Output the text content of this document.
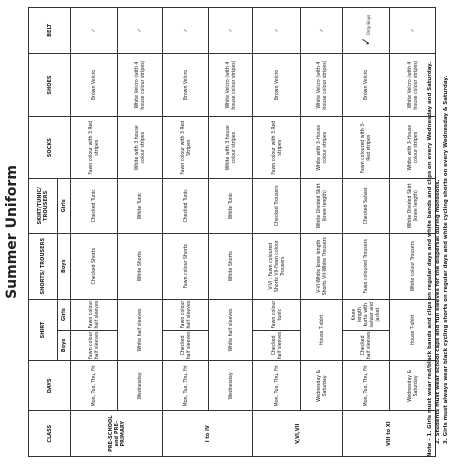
Summer Uniform
CLASS	DAYS	SHIRT		SHORTS/ TROUSERS	SKIRT/TUNIC/ TROUSERS	SOCKS	SHOES	BELT
		Boys	Girls	Boys	Girls			
PRE-SCHOOL and PRE-PRIMARY	Mon, Tue, Thu, Fri	Fawn colour half sleeves	Fawn colour half sleeves	Checked Shorts	Checked Tunic	Fawn colour with 3 Red stripes	Brown Velcro	✓
	Wednesday	White half sleeves		White Shorts	White Tunic	White with 3 house colour stripes	White Velcro (with 4 house colour stripes)	✓
I to IV	Mon, Tue, Thu, Fri	Checked half sleeves	Fawn colour half sleeves	Fawn colour Shorts	Checked Tunic	Fawn colour with 3 Red Stripes	Brown Velcro	✓
	Wednesday	White half sleeves		White Shorts	White Tunic	White with 3 house colour stripes	White Velcro (with 4 house colour stripes)	✓
V,VI,VII	Mon, Tue, Thu, Fri	Checked half sleeves	Fawn colour tunic	V-VI : Fawn coloured Shorts VII-Fawn colour Trousers	Checked Trousers	Fawn colour with 3 Red stripes	Brown Velcro	✓
	Wednesday & Saturday	House T-shirt		V-VI-White knee length Shorts VII-White Trousers	White Divided Skirt (knee length)	White with 3-House colour stripes	White Velcro (with 4 house colour stripes)	✓
VIII to XI	Mon, Tue, Thu, Fri	Checked half sleeves	Knee length kurta with salwar and jacket	Fawn coloured Trousers	Checked Salwar	Fawn coloured with 3-Red stripes	Brown Velcro	✓ Only Boys
	Wednesday & Saturday	House T-shirt		White colour Trousers	White Divided Skirt (knee length)	White with 3-House colour stripes	White Velcro (with 4 house colour stripes)	✓
Note - 1. Girls must wear red/black bands and clips on regular days and white bands and clips on every Wednesday and Saturday. 2. Students must wear school caps and full sleeves for the dispersal during monsoons. 3. Girls must always wear black cycling shorts on regular days and white cycling shorts on every Wednesday & Saturday.
